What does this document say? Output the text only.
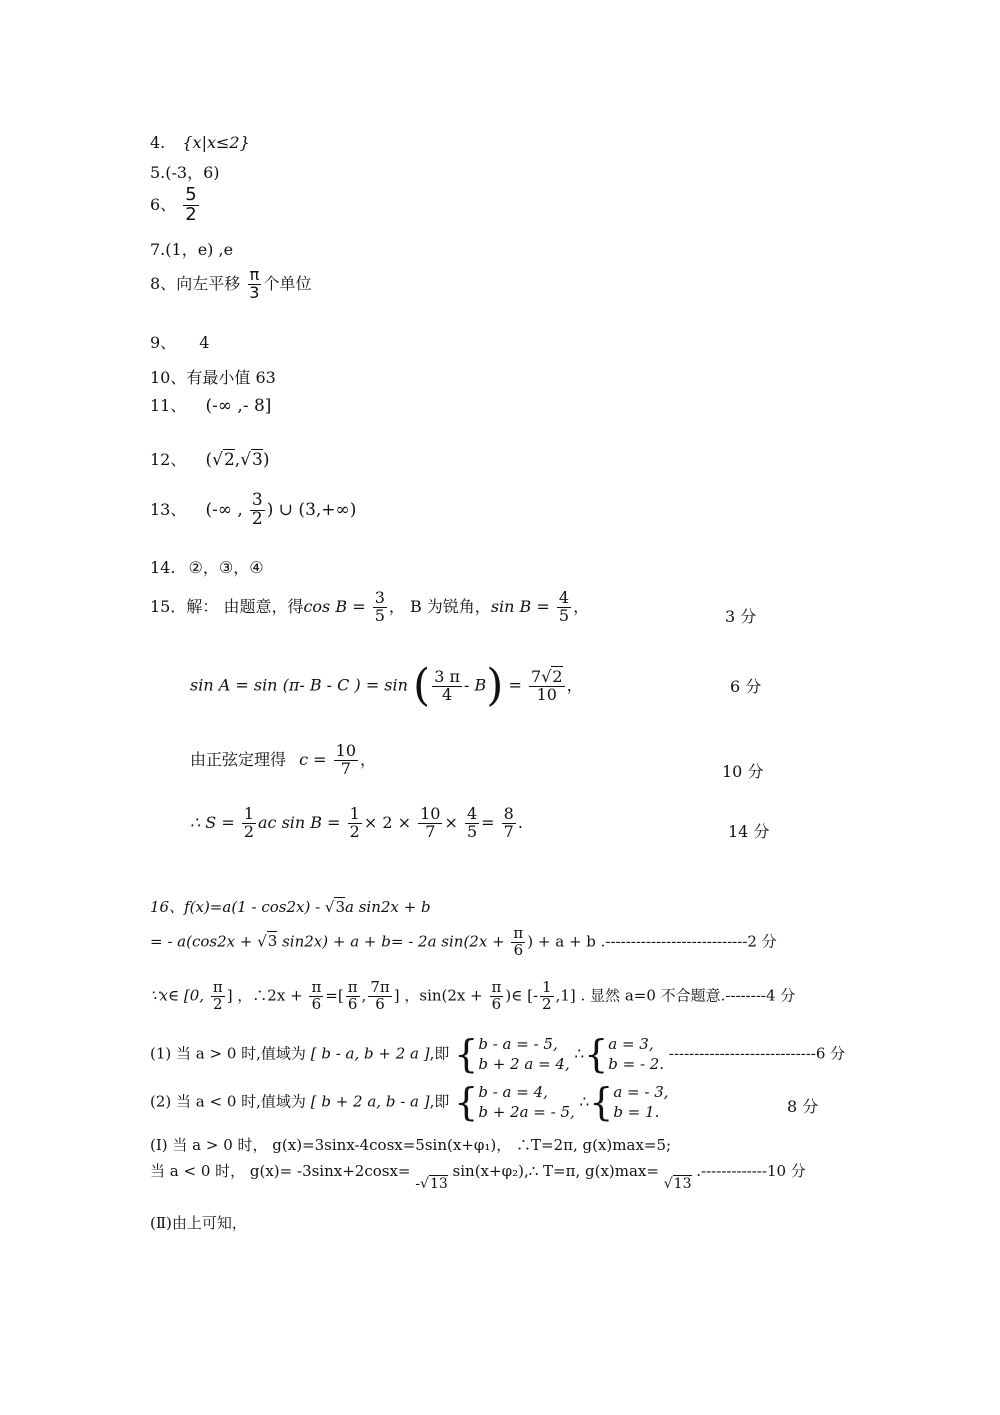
4. {x|x≤2}
5.(-3，6)
6、 $\frac{5}{2}$
7.(1，e) ,e
8、向左平移 $\frac{\pi}{3}$ 个单位
9、 4
10、有最小值 63
11、 (-∞ ,- 8]
12、 (√2,√3)
13、 (-∞ , $\frac{3}{2}$ ) ∪ (3,+∞)
14. ②，③，④
15．解： 由题意，得$\cos B = \frac{3}{5}$ ， B 为锐角，$\sin B = \frac{4}{5}$ ，
3 分
sin A = sin (π- B - C ) = sin ( $\frac{3 \pi}{4} - B) = \frac{7√2}{10}$ ，	6 分
由正弦定理得 $c = \frac{10}{7}$ ，
10 分
∴ $S = \frac{1}{2}$ ac $\sin B = \frac{1}{2} \times 2 \times \frac{10}{7} \times \frac{4}{5} = \frac{8}{7}$ .	14 分
16、f(x)=a(1 - cos2x) - √3a sin2x + b
= - a(cos2x + √3 sin2x) + a + b= - 2a $\sin(2x + \frac{\pi}{6}$ ) + a + b .----------------------------2 分
∵x∈ [0, $\frac{\pi}{2}$ ] ，∴2x + $\frac{\pi}{6}$ =[ $\frac{\pi}{6}$ , $\frac{7\pi}{6}$ ] ，$\sin(2x + \frac{\pi}{6}$ )∈ [- $\frac{1}{2} ,1$] . 显然 a=0 不合题意.--------4 分
(1) 当 a > 0 时,值域为 [ b - a, b + 2 a ],即 { b - a = - 5,
b + 2 a = 4,
∴{ a = 3,
b = - 2.
-----------------------------6 分
(2) 当 a < 0 时,值域为 [ b + 2 a, b - a ],即 { b - a = 4,
b + 2a = - 5,
∴{ a = - 3,
b = 1.	8 分
(Ⅰ) 当 a > 0 时， g(x)=3sinx-4cosx=5sin(x+φ₁)， ∴T=2π, g(x)max=5;
当 a < 0 时， g(x)= -3sinx+2cosx= -√13 sin(x+φ₂),∴ T=π, g(x)max= √13 .-------------10 分
(Ⅱ)由上可知，
